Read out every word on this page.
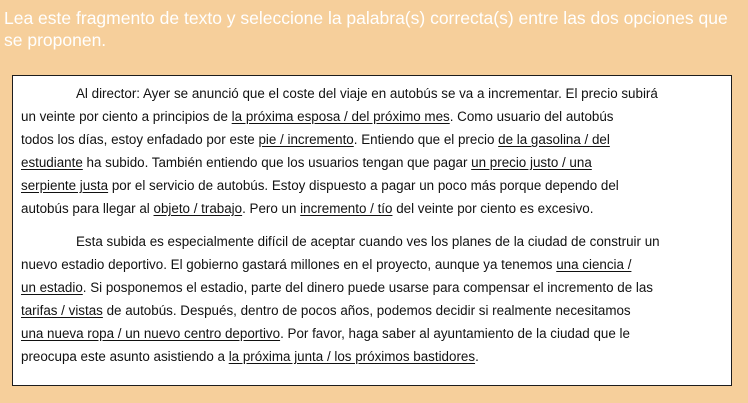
Lea este fragmento de texto y seleccione la palabra(s) correcta(s) entre las dos opciones que se proponen.

Al director: Ayer se anunció que el coste del viaje en autobús se va a incrementar. El precio subirá
un veinte por ciento a principios de la próxima esposa / del próximo mes. Como usuario del autobús
todos los días, estoy enfadado por este pie / incremento. Entiendo que el precio de la gasolina / del
estudiante ha subido. También entiendo que los usuarios tengan que pagar un precio justo / una
serpiente justa por el servicio de autobús. Estoy dispuesto a pagar un poco más porque dependo del
autobús para llegar al objeto / trabajo. Pero un incremento / tío del veinte por ciento es excesivo.

Esta subida es especialmente difícil de aceptar cuando ves los planes de la ciudad de construir un
nuevo estadio deportivo. El gobierno gastará millones en el proyecto, aunque ya tenemos una ciencia /
un estadio. Si posponemos el estadio, parte del dinero puede usarse para compensar el incremento de las
tarifas / vistas de autobús. Después, dentro de pocos años, podemos decidir si realmente necesitamos
una nueva ropa / un nuevo centro deportivo. Por favor, haga saber al ayuntamiento de la ciudad que le
preocupa este asunto asistiendo a la próxima junta / los próximos bastidores.
